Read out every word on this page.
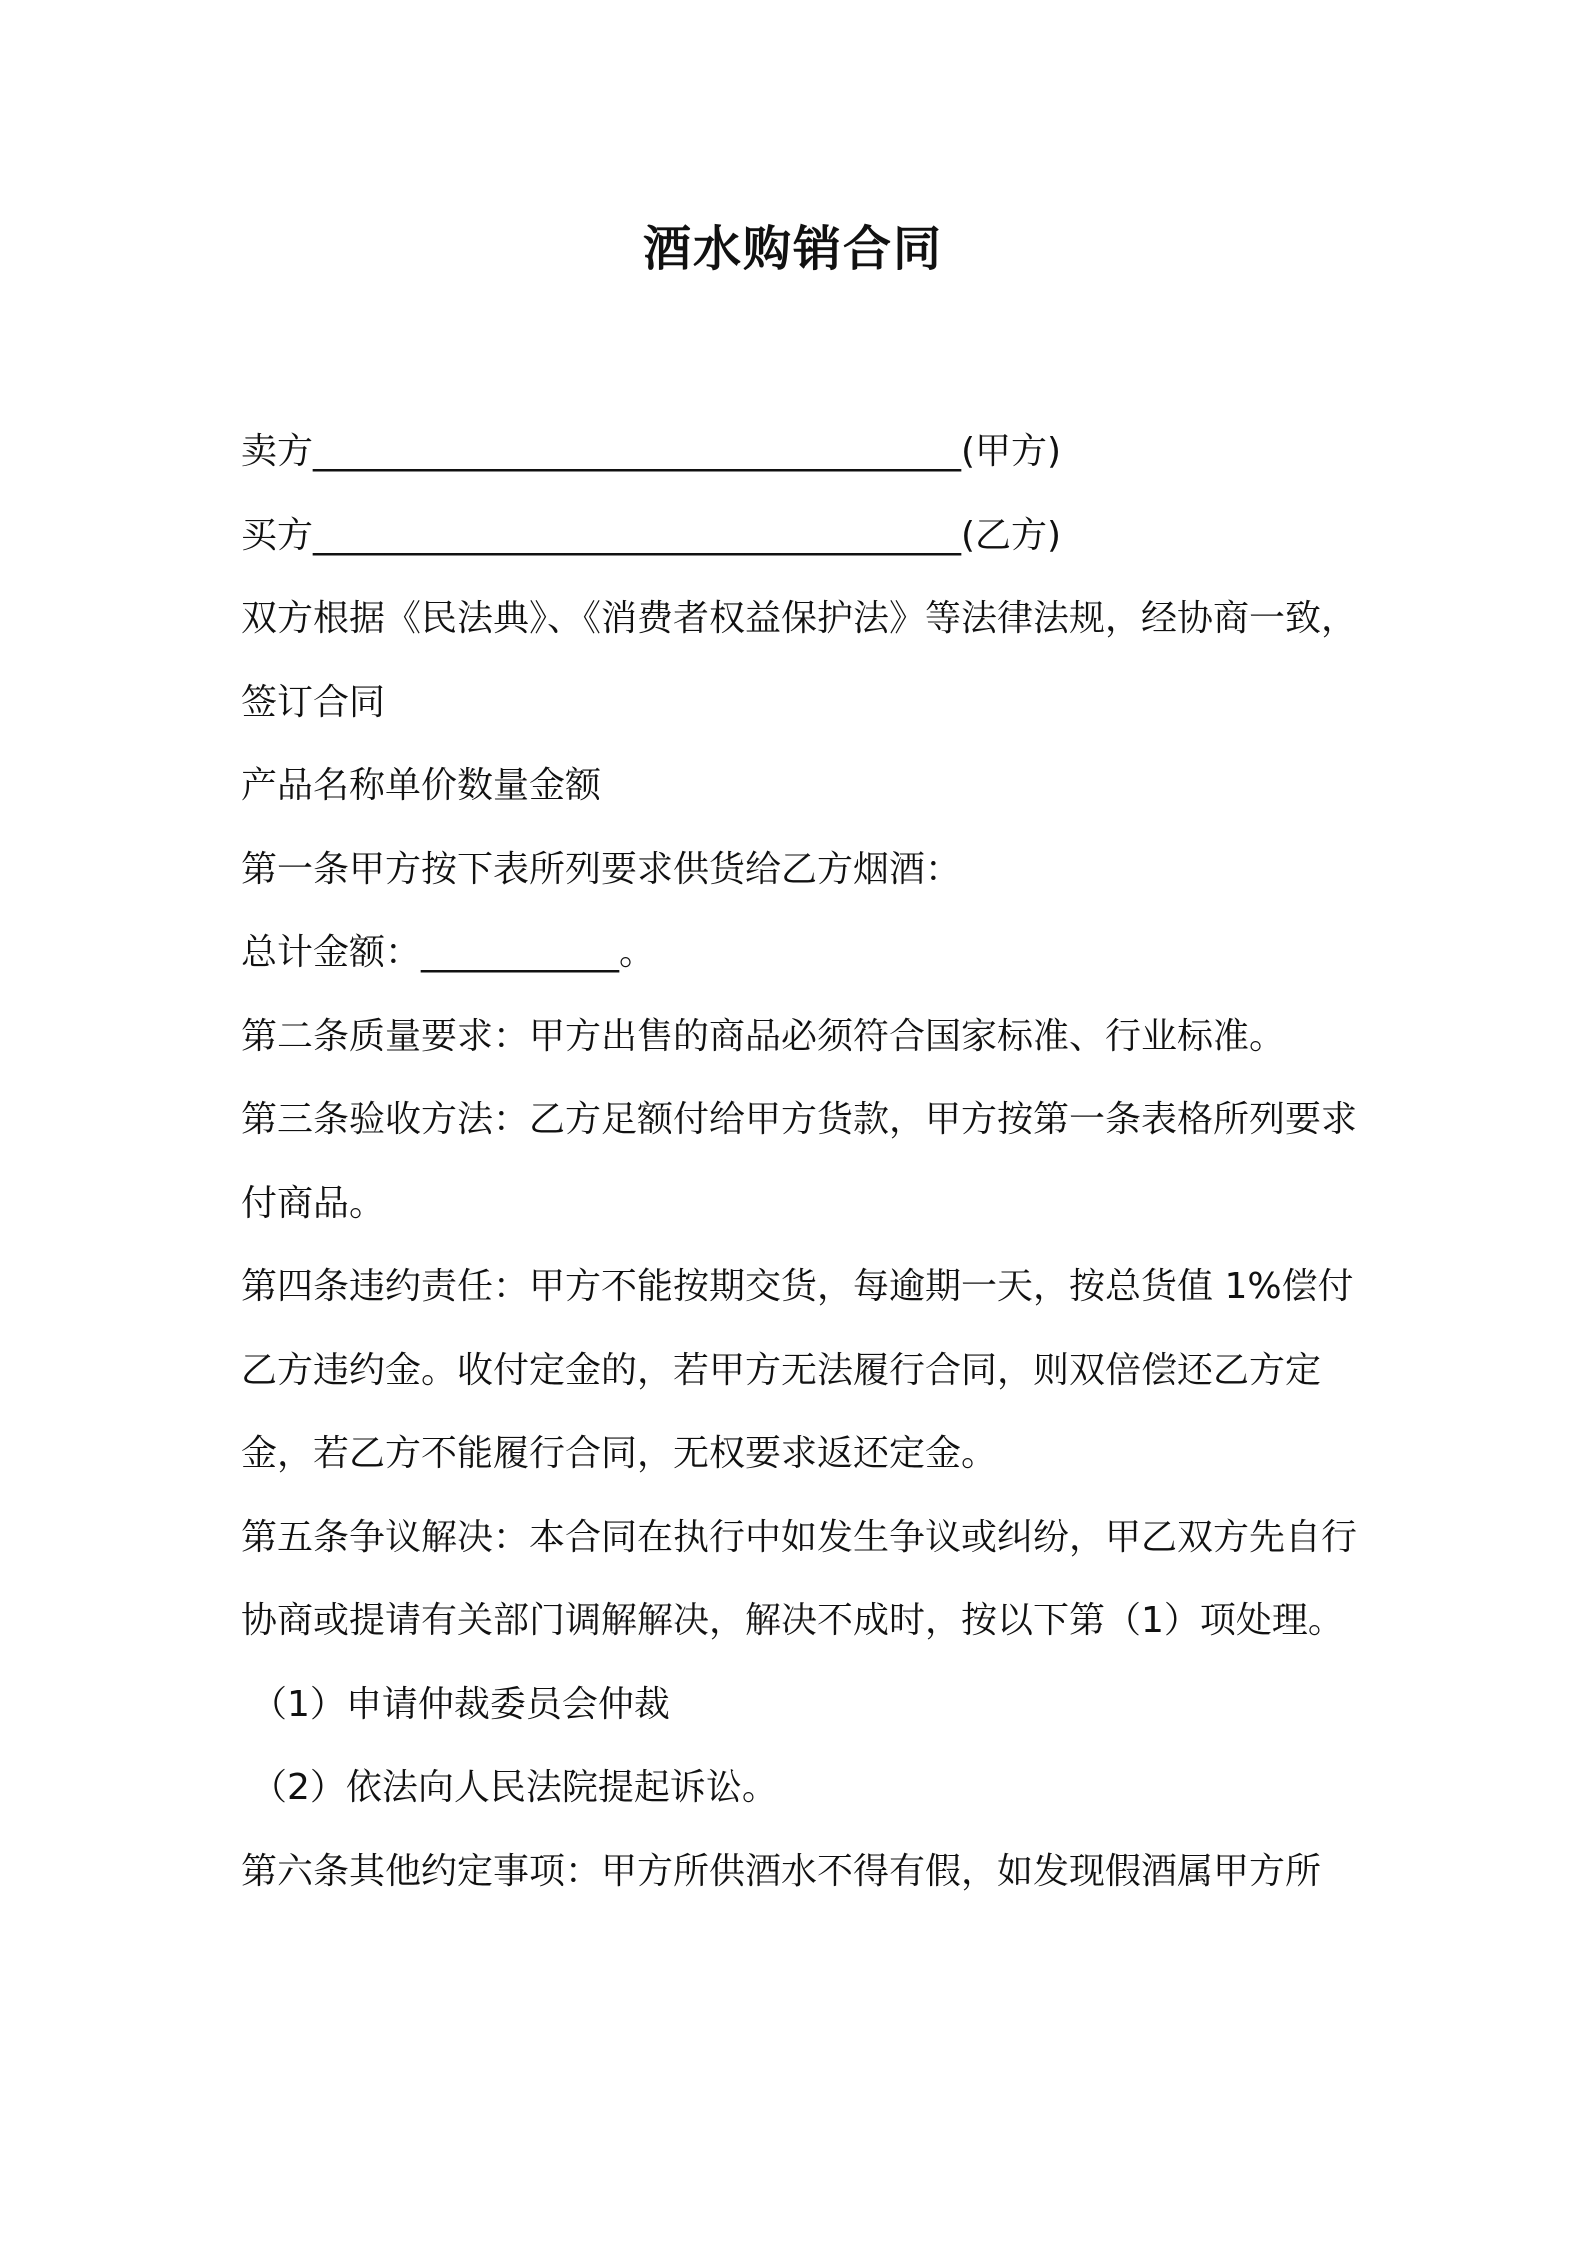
酒水购销合同

卖方____________________________________(甲方)

买方____________________________________(乙方)

双方根据《民法典》、《消费者权益保护法》等法律法规，经协商一致，签订合同

产品名称单价数量金额

第一条甲方按下表所列要求供货给乙方烟酒：

总计金额：___________。

第二条质量要求：甲方出售的商品必须符合国家标准、行业标准。

第三条验收方法：乙方足额付给甲方货款，甲方按第一条表格所列要求付商品。

第四条违约责任：甲方不能按期交货，每逾期一天，按总货值 1%偿付乙方违约金。收付定金的，若甲方无法履行合同，则双倍偿还乙方定金，若乙方不能履行合同，无权要求返还定金。

第五条争议解决：本合同在执行中如发生争议或纠纷，甲乙双方先自行协商或提请有关部门调解解决，解决不成时，按以下第（1）项处理。

（1）申请仲裁委员会仲裁

（2）依法向人民法院提起诉讼。

第六条其他约定事项：甲方所供酒水不得有假，如发现假酒属甲方所
